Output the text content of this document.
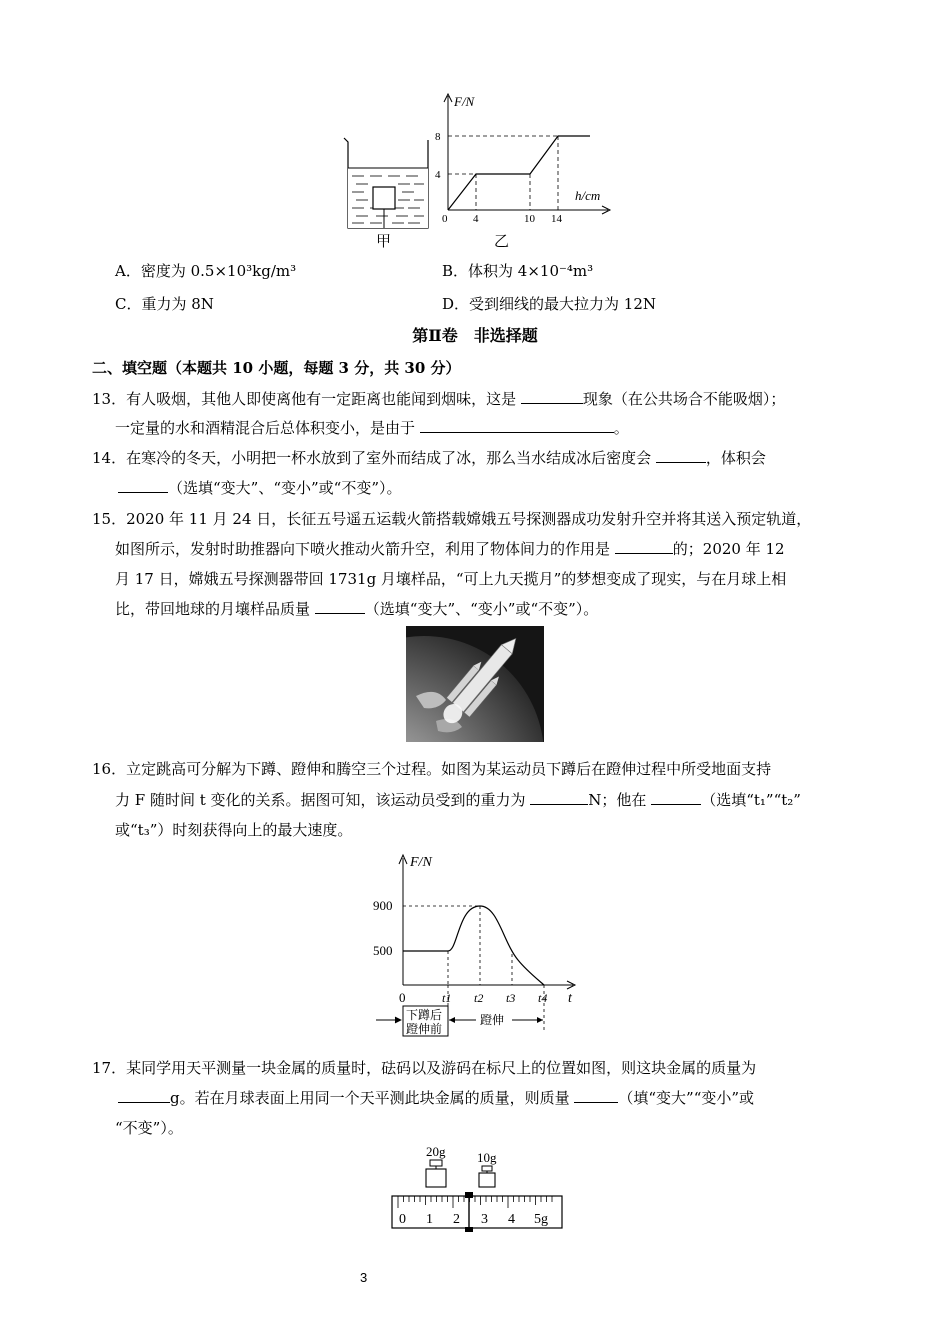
甲
F/N
h/cm
8
4
0 4	10 14
乙
A．密度为 0.5×10³kg/m³	B．体积为 4×10⁻⁴m³
C．重力为 8N	D．受到细线的最大拉力为 12N
第Ⅱ卷　非选择题
二、填空题（本题共 10 小题，每题 3 分，共 30 分）
13．有人吸烟，其他人即使离他有一定距离也能闻到烟味，这是	现象（在公共场合不能吸烟）；
一定量的水和酒精混合后总体积变小，是由于	。
14．在寒冷的冬天，小明把一杯水放到了室外而结成了冰，那么当水结成冰后密度会	，体积会
（选填“变大”、“变小”或“不变”）。
15．2020 年 11 月 24 日，长征五号遥五运载火箭搭载嫦娥五号探测器成功发射升空并将其送入预定轨道，
如图所示，发射时助推器向下喷火推动火箭升空，利用了物体间力的作用是	的；2020 年 12
月 17 日，嫦娥五号探测器带回 1731g 月壤样品，“可上九天揽月”的梦想变成了现实，与在月球上相
比，带回地球的月壤样品质量	（选填“变大”、“变小”或“不变”）。
16．立定跳高可分解为下蹲、蹬伸和腾空三个过程。如图为某运动员下蹲后在蹬伸过程中所受地面支持
力 F 随时间 t 变化的关系。据图可知，该运动员受到的重力为	N；他在	（选填“t₁”“t₂”
或“t₃”）时刻获得向上的最大速度。
F/N
t
900
500
0	t1 t2 t3 t4
下蹲后
蹬伸前
蹬伸
17．某同学用天平测量一块金属的质量时，砝码以及游码在标尺上的位置如图，则这块金属的质量为
g。若在月球表面上用同一个天平测此块金属的质量，则质量	（填“变大”“变小”或
“不变”）。
20g 10g
0 1 2 3 4 5g
3
